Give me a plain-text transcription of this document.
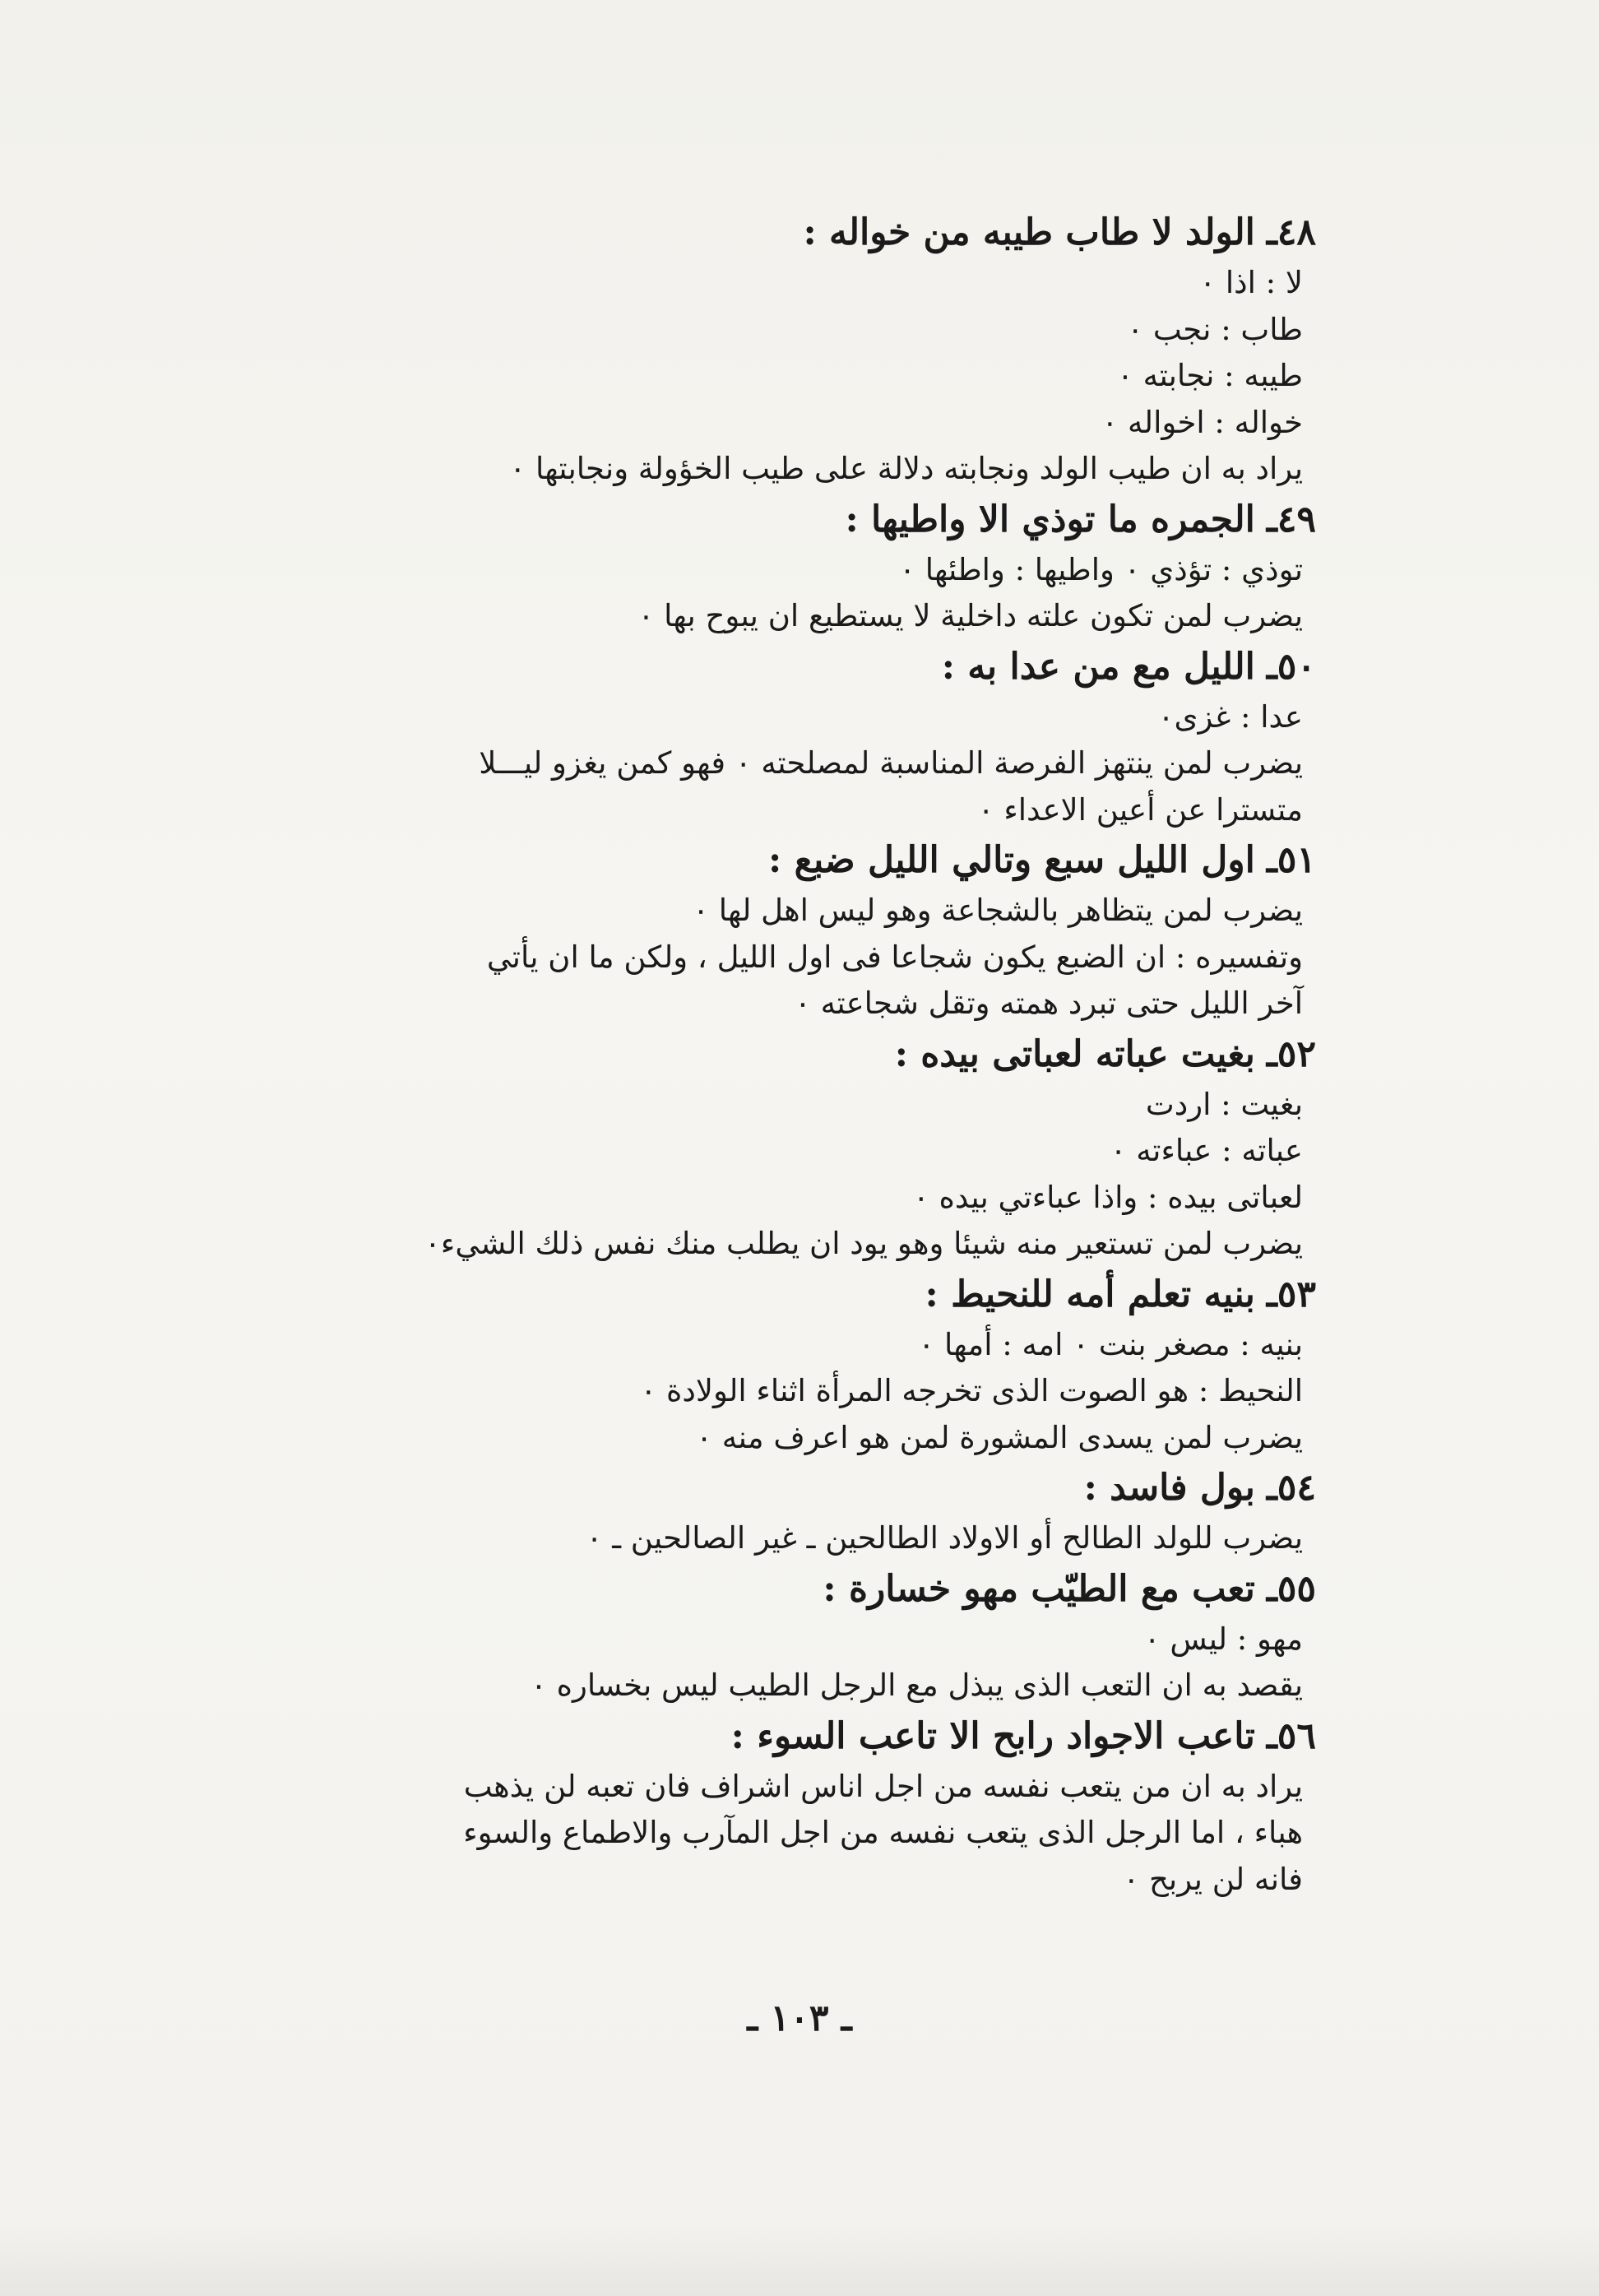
٤٨ـالولد لا طاب طيبه من خواله :
لا : اذا ٠
طاب : نجب ٠
طيبه : نجابته ٠
خواله : اخواله ٠
يراد به ان طيب الولد ونجابته دلالة على طيب الخؤولة ونجابتها ٠
٤٩ـالجمره ما توذي الا واطيها :
توذي : تؤذي ٠ واطيها : واطئها ٠
يضرب لمن تكون علته داخلية لا يستطيع ان يبوح بها ٠
٥٠ـالليل مع من عدا به :
عدا : غزى٠
يضرب لمن ينتهز الفرصة المناسبة لمصلحته ٠ فهو كمن يغزو ليـــلا
متسترا عن أعين الاعداء ٠
٥١ـاول الليل سبع وتالي الليل ضبع :
يضرب لمن يتظاهر بالشجاعة وهو ليس اهل لها ٠
وتفسيره : ان الضبع يكون شجاعا فى اول الليل ، ولكن ما ان يأتي
آخر الليل حتى تبرد همته وتقل شجاعته ٠
٥٢ـبغيت عباته لعباتى بيده :
بغيت : اردت
عباته : عباءته ٠
لعباتى بيده : واذا عباءتي بيده ٠
يضرب لمن تستعير منه شيئا وهو يود ان يطلب منك نفس ذلك الشيء٠
٥٣ـبنيه تعلم أمه للنحيط :
بنيه : مصغر بنت ٠ امه : أمها ٠
النحيط : هو الصوت الذى تخرجه المرأة اثناء الولادة ٠
يضرب لمن يسدى المشورة لمن هو اعرف منه ٠
٥٤ـبول فاسد :
يضرب للولد الطالح أو الاولاد الطالحين ـ غير الصالحين ـ ٠
٥٥ـتعب مع الطيّب مهو خسارة :
مهو : ليس ٠
يقصد به ان التعب الذى يبذل مع الرجل الطيب ليس بخساره ٠
٥٦ـتاعب الاجواد رابح الا تاعب السوء :
يراد به ان من يتعب نفسه من اجل اناس اشراف فان تعبه لن يذهب
هباء ، اما الرجل الذى يتعب نفسه من اجل المآرب والاطماع والسوء
فانه لن يربح ٠
ـ ١٠٣ ـ
